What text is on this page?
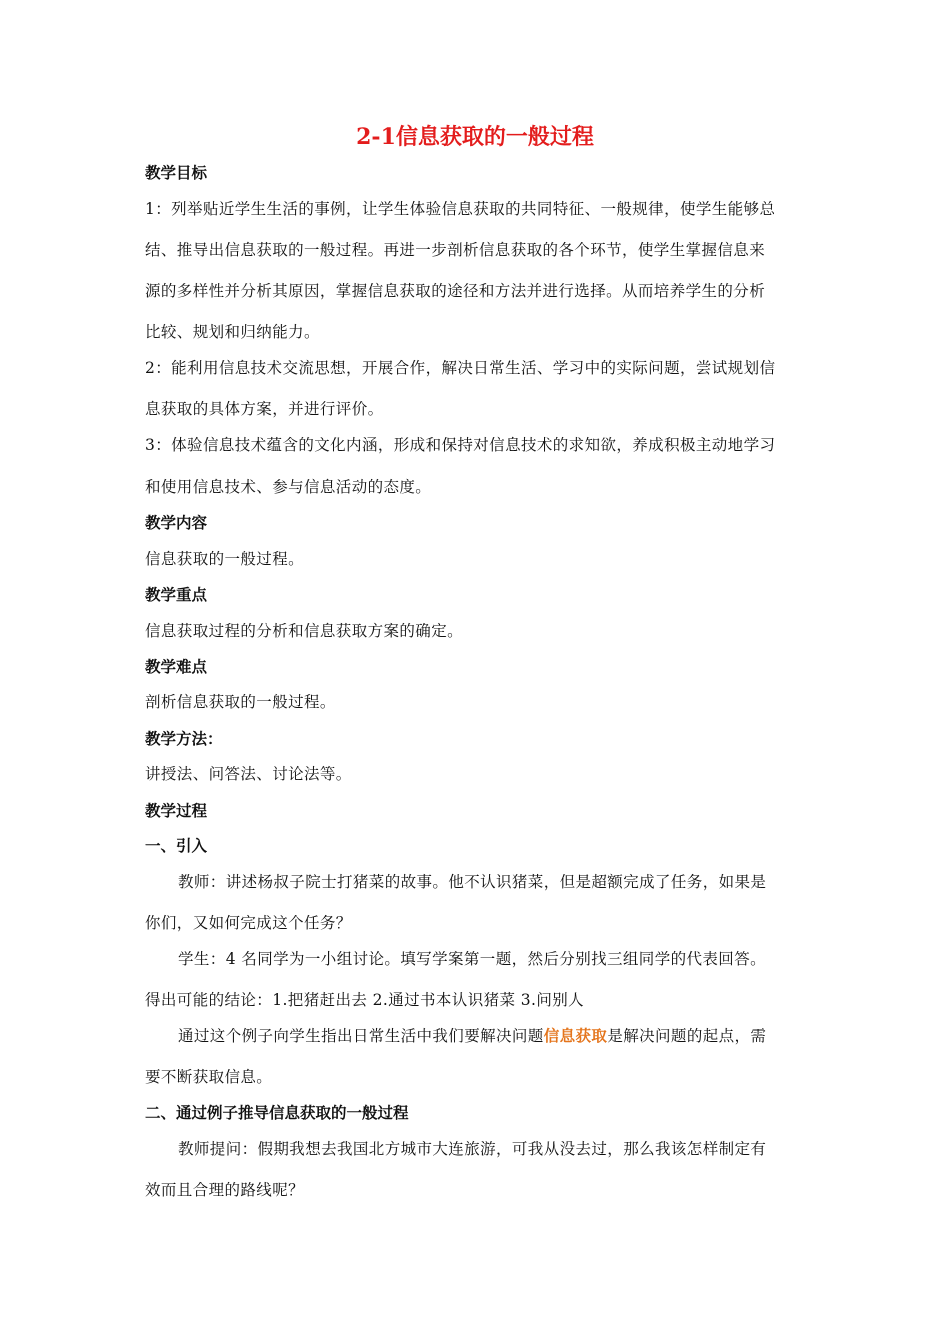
2-1信息获取的一般过程
教学目标
1：列举贴近学生生活的事例，让学生体验信息获取的共同特征、一般规律，使学生能够总
结、推导出信息获取的一般过程。再进一步剖析信息获取的各个环节，使学生掌握信息来
源的多样性并分析其原因，掌握信息获取的途径和方法并进行选择。从而培养学生的分析
比较、规划和归纳能力。
2：能利用信息技术交流思想，开展合作，解决日常生活、学习中的实际问题，尝试规划信
息获取的具体方案，并进行评价。
3：体验信息技术蕴含的文化内涵，形成和保持对信息技术的求知欲，养成积极主动地学习
和使用信息技术、参与信息活动的态度。
教学内容
信息获取的一般过程。
教学重点
信息获取过程的分析和信息获取方案的确定。
教学难点
剖析信息获取的一般过程。
教学方法：
讲授法、问答法、讨论法等。
教学过程
一、引入
教师：讲述杨叔子院士打猪菜的故事。他不认识猪菜，但是超额完成了任务，如果是
你们，又如何完成这个任务？
学生：4 名同学为一小组讨论。填写学案第一题，然后分别找三组同学的代表回答。
得出可能的结论：1.把猪赶出去 2.通过书本认识猪菜 3.问别人
通过这个例子向学生指出日常生活中我们要解决问题信息获取是解决问题的起点，需
要不断获取信息。
二、通过例子推导信息获取的一般过程
教师提问：假期我想去我国北方城市大连旅游，可我从没去过，那么我该怎样制定有
效而且合理的路线呢？
